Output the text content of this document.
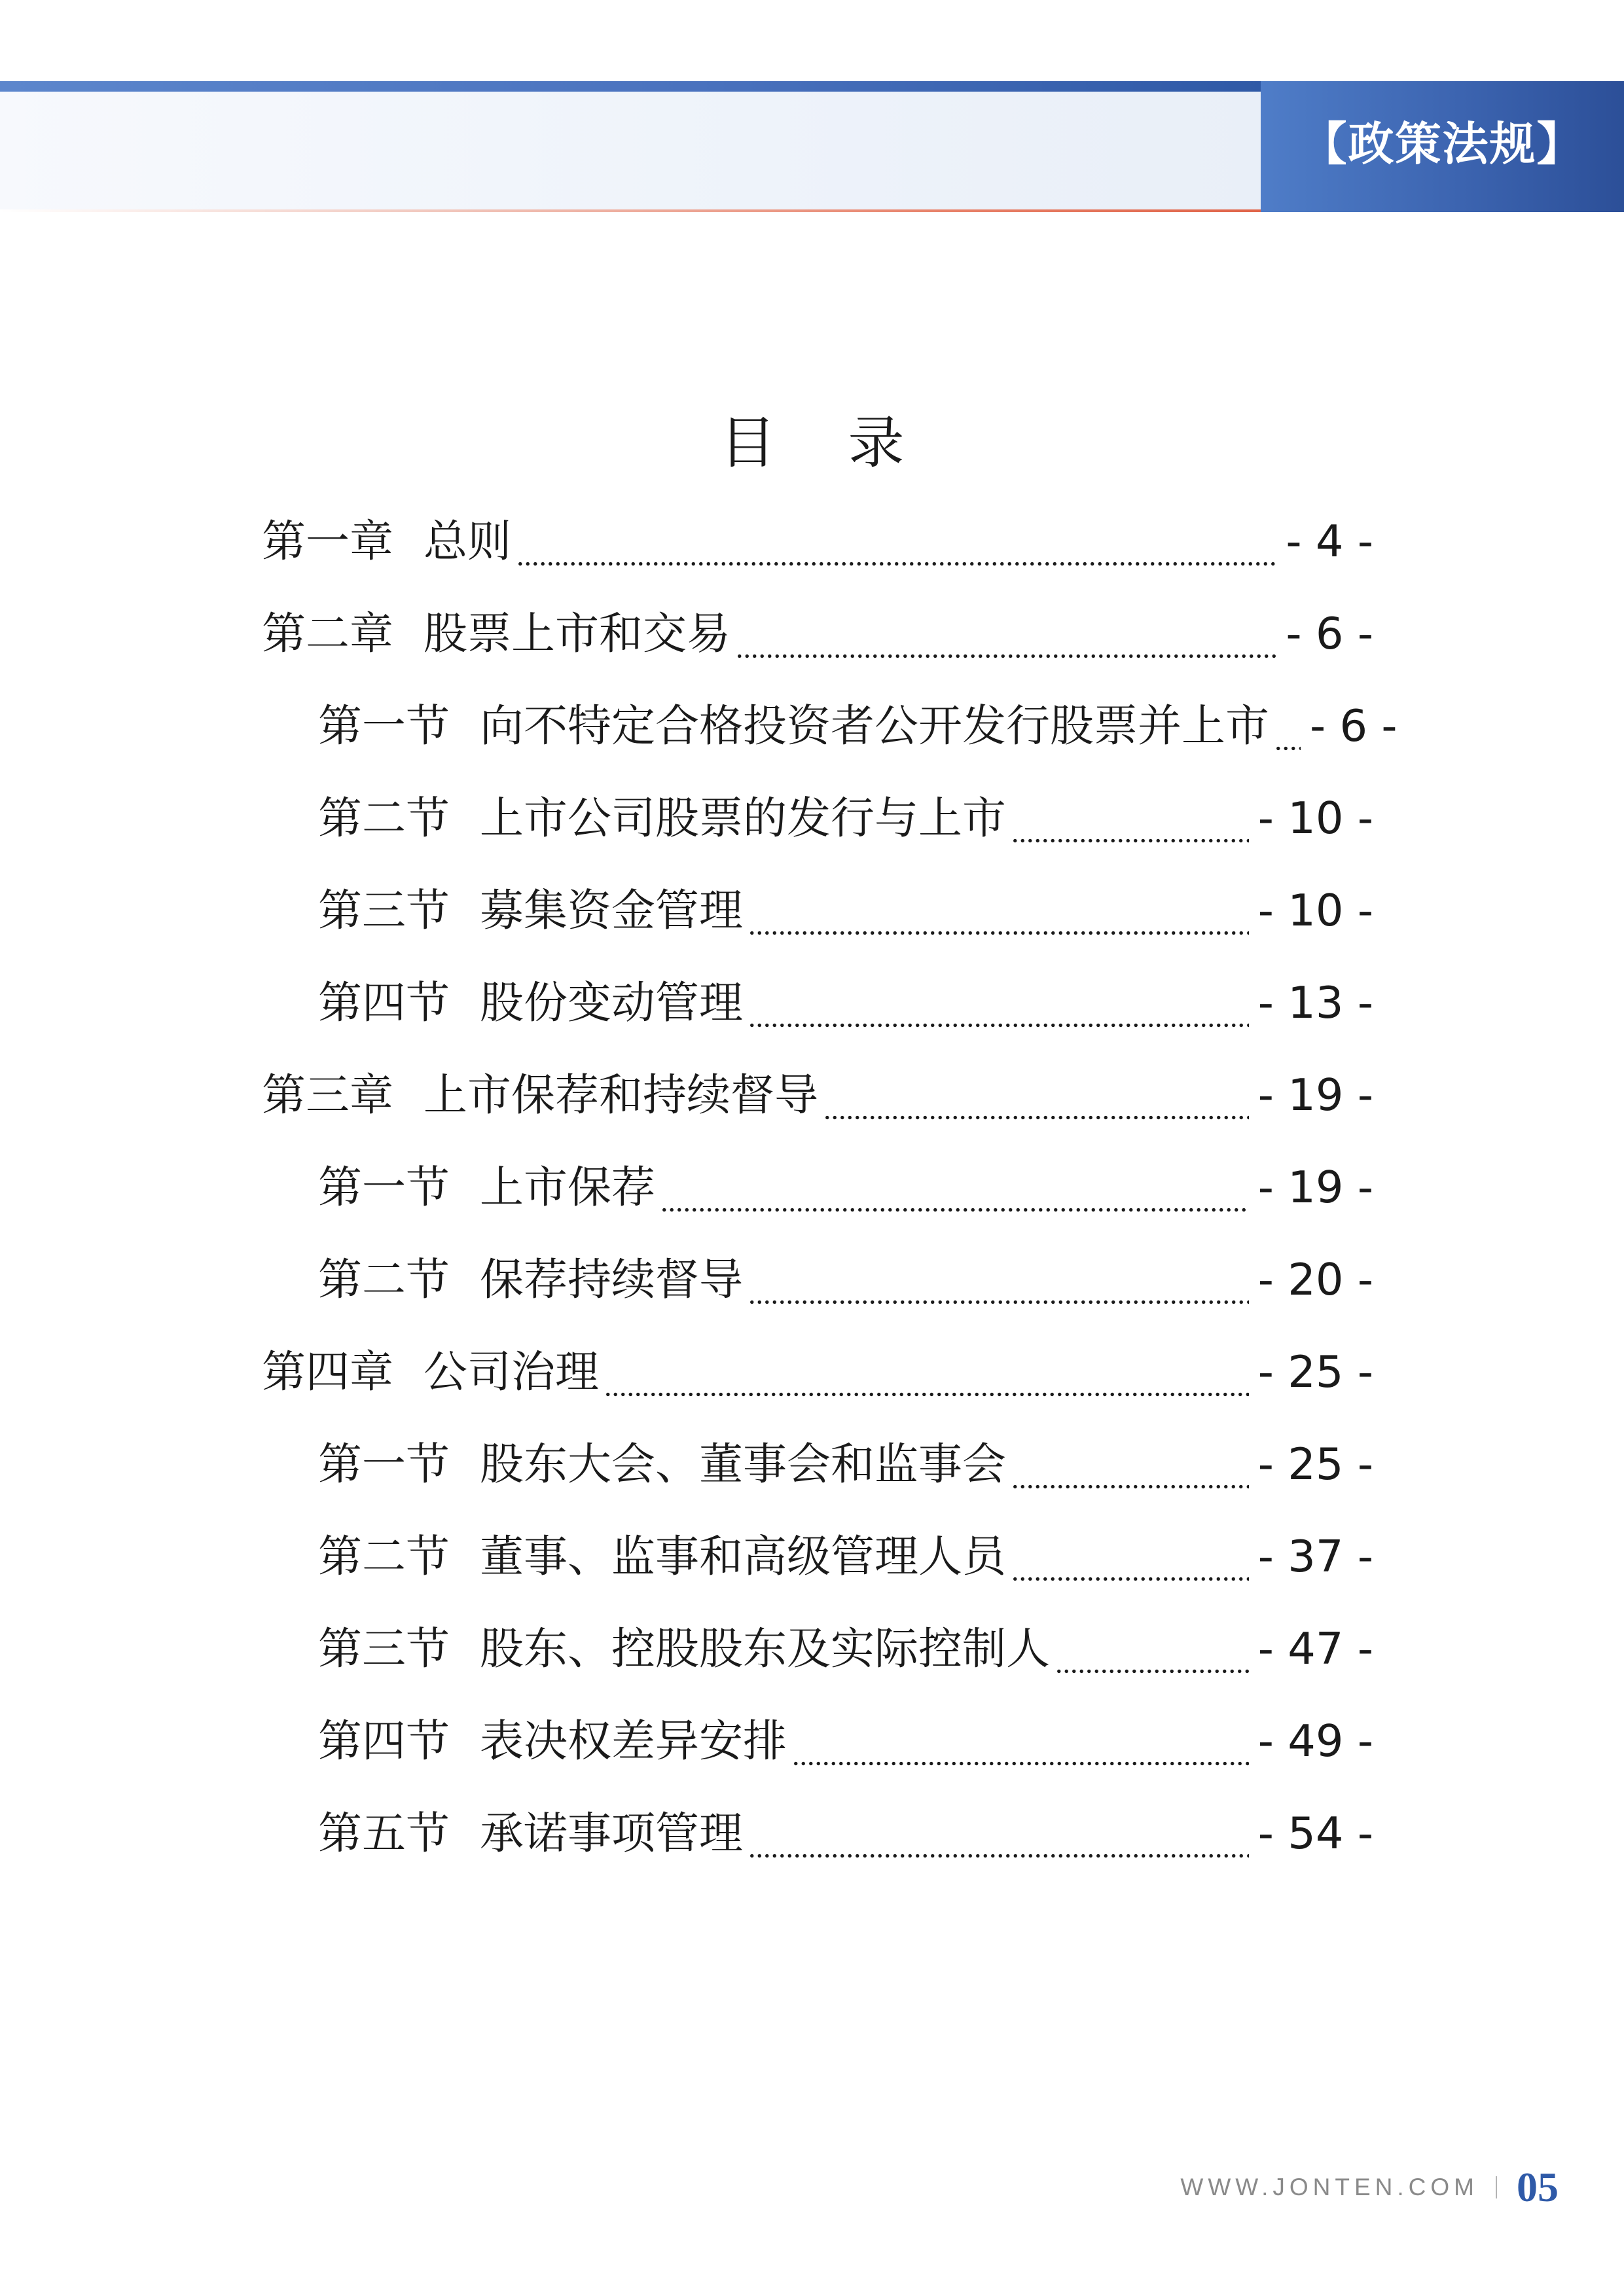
【政策法规】
目 录
第一章 总则	- 4 -
第二章 股票上市和交易	- 6 -
第一节 向不特定合格投资者公开发行股票并上市 - 6 -
第二节 上市公司股票的发行与上市	- 10 -
第三节 募集资金管理	- 10 -
第四节 股份变动管理	- 13 -
第三章 上市保荐和持续督导	- 19 -
第一节 上市保荐	- 19 -
第二节 保荐持续督导	- 20 -
第四章 公司治理	- 25 -
第一节 股东大会、董事会和监事会	- 25 -
第二节 董事、监事和高级管理人员	- 37 -
第三节 股东、控股股东及实际控制人	- 47 -
第四节 表决权差异安排	- 49 -
第五节 承诺事项管理	- 54 -
WWW.JONTEN.COM 05
